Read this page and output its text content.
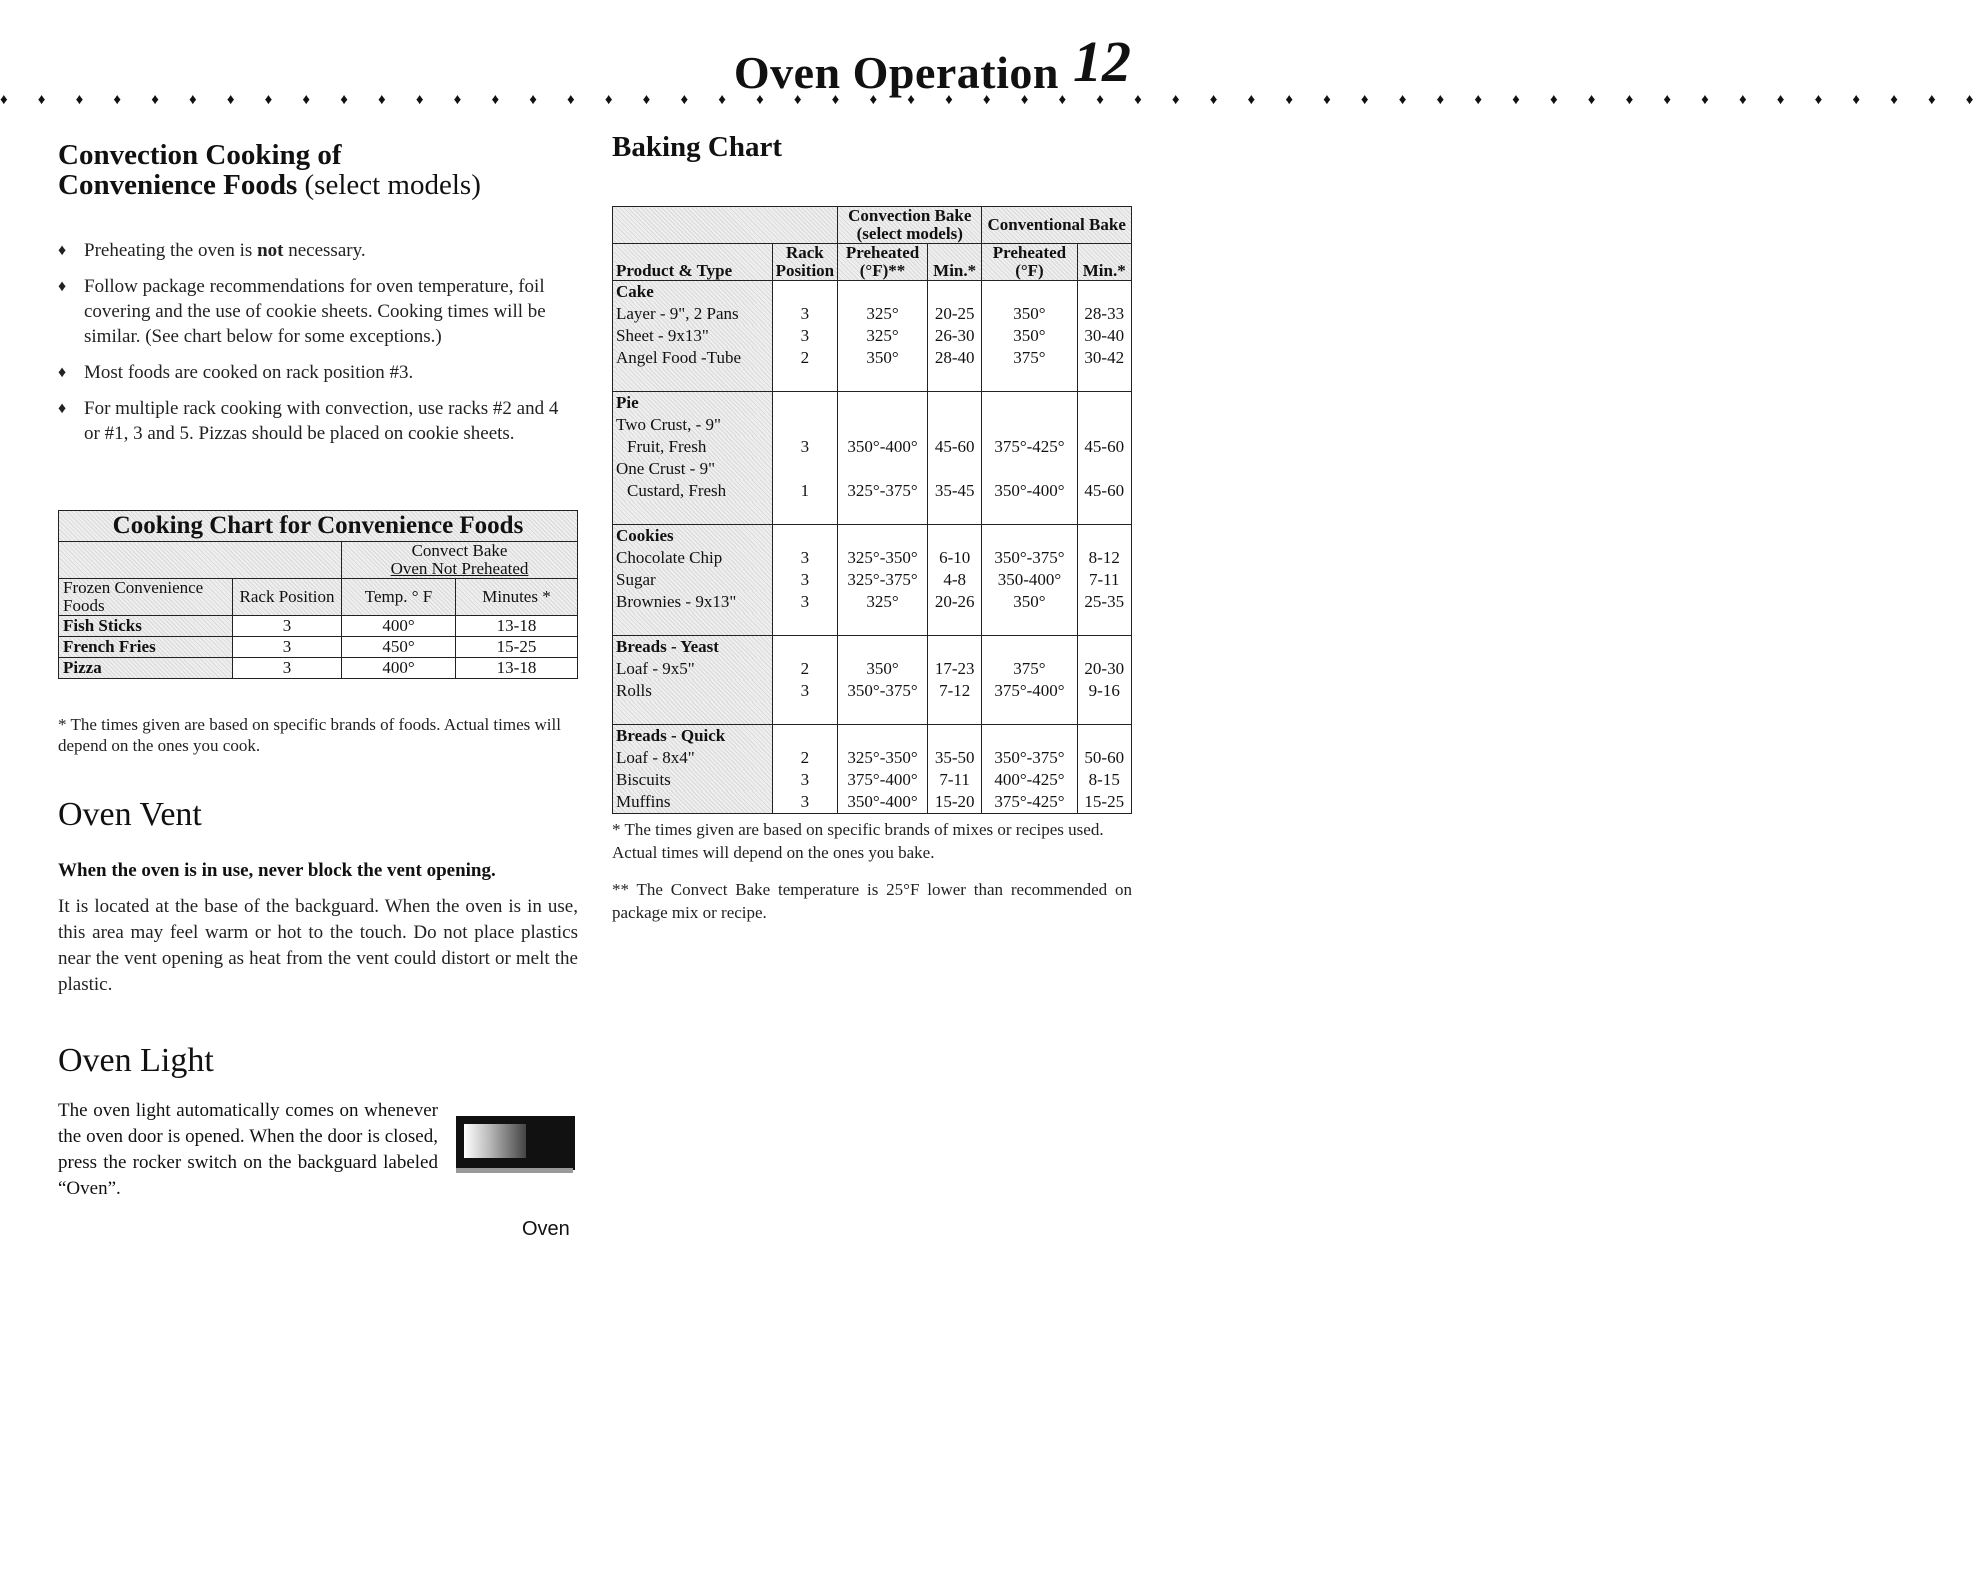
Oven Operation 12
♦ ♦ ♦ ♦ ♦ ♦ ♦ ♦ ♦ ♦ ♦ ♦ ♦ ♦ ♦ ♦ ♦ ♦ ♦ ♦ ♦ ♦ ♦ ♦ ♦ ♦ ♦ ♦ ♦ ♦ ♦ ♦ ♦ ♦ ♦ ♦ ♦ ♦ ♦ ♦ ♦ ♦ ♦ ♦ ♦ ♦ ♦ ♦ ♦ ♦ ♦ ♦ ♦
Convection Cooking of
Convenience Foods (select models)
♦ Preheating the oven is not necessary.
♦ Follow package recommendations for oven temperature, foil covering and the use of cookie sheets. Cooking times will be similar. (See chart below for some exceptions.)
♦ Most foods are cooked on rack position #3.
♦ For multiple rack cooking with convection, use racks #2 and 4 or #1, 3 and 5. Pizzas should be placed on cookie sheets.
Cooking Chart for Convenience Foods			
		Convect Bake
Oven Not Preheated	
Frozen Convenience Foods	Rack Position	Temp. ° F	Minutes *
Fish Sticks	3	400°	13-18
French Fries	3	450°	15-25
Pizza	3	400°	13-18

* The times given are based on specific brands of foods. Actual times will depend on the ones you cook.

Oven Vent
When the oven is in use, never block the vent opening.
It is located at the base of the backguard. When the oven is in use, this area may feel warm or hot to the touch. Do not place plastics near the vent opening as heat from the vent could distort or melt the plastic.
Oven Light
The oven light automatically comes on whenever the oven door is opened. When the door is closed, press the rocker switch on the backguard labeled “Oven”.
Oven
Baking Chart
		Convection Bake (select models)		Conventional Bake	
Product & Type	Rack Position	Preheated (°F)**	Min.*	Preheated (°F)	Min.*
Cake					
Layer - 9", 2 Pans	3	325°	20-25	350°	28-33
Sheet - 9x13"	3	325°	26-30	350°	30-40
Angel Food -Tube	2	350°	28-40	375°	30-42

Pie					
Two Crust, - 9"					
Fruit, Fresh	3	350°-400°	45-60	375°-425°	45-60
One Crust - 9"					
Custard, Fresh	1	325°-375°	35-45	350°-400°	45-60

Cookies					
Chocolate Chip	3	325°-350°	6-10	350°-375°	8-12
Sugar	3	325°-375°	4-8	350-400°	7-11
Brownies - 9x13"	3	325°	20-26	350°	25-35

Breads - Yeast					
Loaf - 9x5"	2	350°	17-23	375°	20-30
Rolls	3	350°-375°	7-12	375°-400°	9-16

Breads - Quick					
Loaf - 8x4"	2	325°-350°	35-50	350°-375°	50-60
Biscuits	3	375°-400°	7-11	400°-425°	8-15
Muffins	3	350°-400°	15-20	375°-425°	15-25

* The times given are based on specific brands of mixes or recipes used. Actual times will depend on the ones you bake.

** The Convect Bake temperature is 25°F lower than recommended on package mix or recipe.
